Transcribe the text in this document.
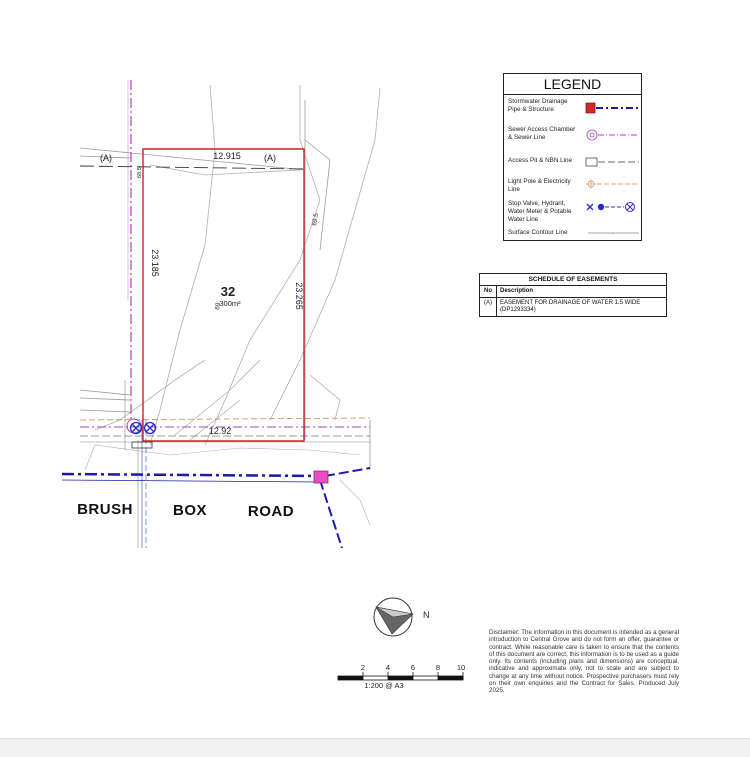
32
300m²
12.915
12.92
23.185
23.265
(A)	(A)
69
69.5
68.5
BRUSH	BOX	ROAD
N
2	4	6	8 10
1:200 @ A3
LEGEND
Stormwater Drainage Pipe & Structure
Sewer Access Chamber & Sewer Line
Access Pit & NBN Line
Light Pole & Electricity Line
Stop Valve, Hydrant, Water Meter & Potable Water Line
Surface Contour Line	-
SCHEDULE OF EASEMENTS
No	Description
(A)	EASEMENT FOR DRAINAGE OF WATER 1.5 WIDE (DP1293334)
Disclaimer: The information in this document is intended as a general introduction to Central Grove and do not form an offer, guarantee or contract. While reasonable care is taken to ensure that the contents of this document are correct, this information is to be used as a guide only. Its contents (including plans and dimensions) are conceptual, indicative and approximate only, not to scale and are subject to change at any time without notice. Prospective purchasers must rely on their own enquiries and the Contract for Sales. Produced July 2025.
